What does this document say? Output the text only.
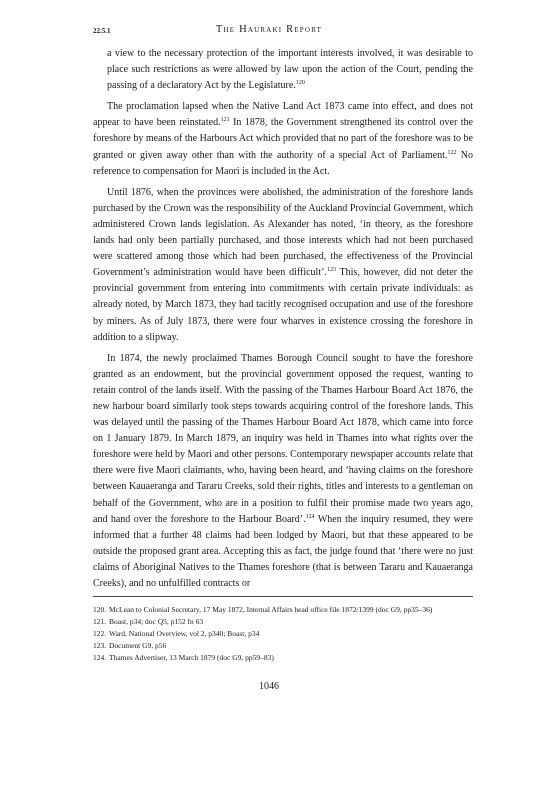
22.5.1	The Hauraki Report

a view to the necessary protection of the important interests involved, it was desirable to place such restrictions as were allowed by law upon the action of the Court, pending the passing of a declaratory Act by the Legislature.$^{120}$

The proclamation lapsed when the Native Land Act 1873 came into effect, and does not appear to have been reinstated.$^{121}$ In 1878, the Government strengthened its control over the foreshore by means of the Harbours Act which provided that no part of the foreshore was to be granted or given away other than with the authority of a special Act of Parliament.$^{122}$ No reference to compensation for Maori is included in the Act.

Until 1876, when the provinces were abolished, the administration of the foreshore lands purchased by the Crown was the responsibility of the Auckland Provincial Government, which administered Crown lands legislation. As Alexander has noted, ‘in theory, as the foreshore lands had only been partially purchased, and those interests which had not been purchased were scattered among those which had been purchased, the effectiveness of the Provincial Government’s administration would have been difficult’.$^{123}$ This, however, did not deter the provincial government from entering into commitments with certain private individuals: as already noted, by March 1873, they had tacitly recognised occupation and use of the foreshore by miners. As of July 1873, there were four wharves in existence crossing the foreshore in addition to a slipway.

In 1874, the newly proclaimed Thames Borough Council sought to have the foreshore granted as an endowment, but the provincial government opposed the request, wanting to retain control of the lands itself. With the passing of the Thames Harbour Board Act 1876, the new harbour board similarly took steps towards acquiring control of the foreshore lands. This was delayed until the passing of the Thames Harbour Board Act 1878, which came into force on 1 January 1879. In March 1879, an inquiry was held in Thames into what rights over the foreshore were held by Maori and other persons. Contemporary newspaper accounts relate that there were five Maori claimants, who, having been heard, and ‘having claims on the foreshore between Kauaeranga and Tararu Creeks, sold their rights, titles and interests to a gentleman on behalf of the Government, who are in a position to fulfil their promise made two years ago, and hand over the foreshore to the Harbour Board’.$^{124}$ When the inquiry resumed, they were informed that a further 48 claims had been lodged by Maori, but that these appeared to be outside the proposed grant area. Accepting this as fact, the judge found that ‘there were no just claims of Aboriginal Natives to the Thames foreshore (that is between Tararu and Kauaeranga Creeks), and no unfulfilled contracts or

120. McLean to Colonial Secretary, 17 May 1872, Internal Affairs head office file 1872/1399 (doc G9, pp35–36)
121. Boast, p34; doc Q5, p152 fn 63
122. Ward, National Overview, vol 2, p340; Boast, p34
123. Document G9, p56
124. Thames Advertiser, 13 March 1879 (doc G9, pp59–83)
1046
